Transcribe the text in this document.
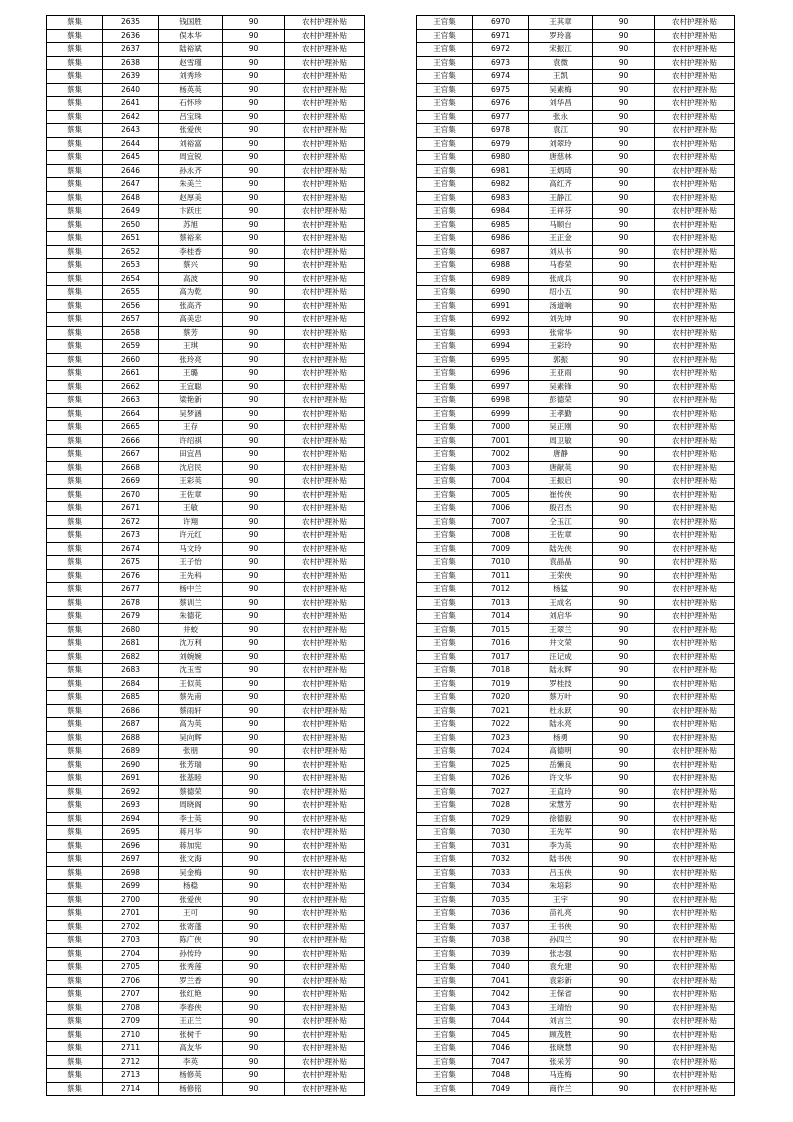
蔡集	2635	钱国胜	90	农村护理补贴
蔡集	2636	俣本华	90	农村护理补贴
蔡集	2637	陆裕斌	90	农村护理补贴
蔡集	2638	赵雪瑾	90	农村护理补贴
蔡集	2639	刘秀珍	90	农村护理补贴
蔡集	2640	杨英英	90	农村护理补贴
蔡集	2641	石怀珍	90	农村护理补贴
蔡集	2642	吕宝珠	90	农村护理补贴
蔡集	2643	张爱侠	90	农村护理补贴
蔡集	2644	刘裕富	90	农村护理补贴
蔡集	2645	周宜锐	90	农村护理补贴
蔡集	2646	孙永齐	90	农村护理补贴
蔡集	2647	朱美兰	90	农村护理补贴
蔡集	2648	赵厚美	90	农村护理补贴
蔡集	2649	卞跃庄	90	农村护理补贴
蔡集	2650	苏旭	90	农村护理补贴
蔡集	2651	蔡裕来	90	农村护理补贴
蔡集	2652	李桂香	90	农村护理补贴
蔡集	2653	蔡兴	90	农村护理补贴
蔡集	2654	高波	90	农村护理补贴
蔡集	2655	高为乾	90	农村护理补贴
蔡集	2656	张高齐	90	农村护理补贴
蔡集	2657	高美忠	90	农村护理补贴
蔡集	2658	蔡芳	90	农村护理补贴
蔡集	2659	王琪	90	农村护理补贴
蔡集	2660	张玲亮	90	农村护理补贴
蔡集	2661	王璐	90	农村护理补贴
蔡集	2662	王宜聪	90	农村护理补贴
蔡集	2663	梁艳新	90	农村护理补贴
蔡集	2664	吴梦涵	90	农村护理补贴
蔡集	2665	王存	90	农村护理补贴
蔡集	2666	许绍祺	90	农村护理补贴
蔡集	2667	田宜昌	90	农村护理补贴
蔡集	2668	沈启民	90	农村护理补贴
蔡集	2669	王彩英	90	农村护理补贴
蔡集	2670	王佐章	90	农村护理补贴
蔡集	2671	王敏	90	农村护理补贴
蔡集	2672	许翔	90	农村护理补贴
蔡集	2673	许元红	90	农村护理补贴
蔡集	2674	马文玲	90	农村护理补贴
蔡集	2675	王子怡	90	农村护理补贴
蔡集	2676	王先科	90	农村护理补贴
蔡集	2677	杨中兰	90	农村护理补贴
蔡集	2678	蔡训兰	90	农村护理补贴
蔡集	2679	朱德花	90	农村护理补贴
蔡集	2680	井蛟	90	农村护理补贴
蔡集	2681	沈万利	90	农村护理补贴
蔡集	2682	刘婉婉	90	农村护理补贴
蔡集	2683	沈玉雪	90	农村护理补贴
蔡集	2684	王似英	90	农村护理补贴
蔡集	2685	蔡先甫	90	农村护理补贴
蔡集	2686	蔡雨轩	90	农村护理补贴
蔡集	2687	高为英	90	农村护理补贴
蔡集	2688	吴向辉	90	农村护理补贴
蔡集	2689	张朋	90	农村护理补贴
蔡集	2690	张芳瑞	90	农村护理补贴
蔡集	2691	张基睦	90	农村护理补贴
蔡集	2692	蔡德荣	90	农村护理补贴
蔡集	2693	周晓阁	90	农村护理补贴
蔡集	2694	李士英	90	农村护理补贴
蔡集	2695	蒋月华	90	农村护理补贴
蔡集	2696	蒋加宪	90	农村护理补贴
蔡集	2697	张文海	90	农村护理补贴
蔡集	2698	吴金梅	90	农村护理补贴
蔡集	2699	杨稳	90	农村护理补贴
蔡集	2700	张爱侠	90	农村护理补贴
蔡集	2701	王可	90	农村护理补贴
蔡集	2702	张寄蓬	90	农村护理补贴
蔡集	2703	陈广侠	90	农村护理补贴
蔡集	2704	孙传玲	90	农村护理补贴
蔡集	2705	张秀莲	90	农村护理补贴
蔡集	2706	罗兰香	90	农村护理补贴
蔡集	2707	张红艳	90	农村护理补贴
蔡集	2708	李春侠	90	农村护理补贴
蔡集	2709	王正兰	90	农村护理补贴
蔡集	2710	张树千	90	农村护理补贴
蔡集	2711	高友华	90	农村护理补贴
蔡集	2712	李英	90	农村护理补贴
蔡集	2713	杨修英	90	农村护理补贴
蔡集	2714	杨修铭	90	农村护理补贴
王官集	6970	王其章	90	农村护理补贴
王官集	6971	罗玲喜	90	农村护理补贴
王官集	6972	宋振江	90	农村护理补贴
王官集	6973	袁微	90	农村护理补贴
王官集	6974	王凯	90	农村护理补贴
王官集	6975	吴素梅	90	农村护理补贴
王官集	6976	刘华昌	90	农村护理补贴
王官集	6977	张永	90	农村护理补贴
王官集	6978	袁江	90	农村护理补贴
王官集	6979	刘翠玲	90	农村护理补贴
王官集	6980	唐慈林	90	农村护理补贴
王官集	6981	王炳琦	90	农村护理补贴
王官集	6982	高红齐	90	农村护理补贴
王官集	6983	王静江	90	农村护理补贴
王官集	6984	王祥芬	90	农村护理补贴
王官集	6985	马顺台	90	农村护理补贴
王官集	6986	王正金	90	农村护理补贴
王官集	6987	刘从书	90	农村护理补贴
王官集	6988	马春荣	90	农村护理补贴
王官集	6989	张成兵	90	农村护理补贴
王官集	6990	绍小五	90	农村护理补贴
王官集	6991	汤道响	90	农村护理补贴
王官集	6992	刘先坤	90	农村护理补贴
王官集	6993	张常华	90	农村护理补贴
王官集	6994	王彩玲	90	农村护理补贴
王官集	6995	郭振	90	农村护理补贴
王官集	6996	王亚雨	90	农村护理补贴
王官集	6997	吴素锋	90	农村护理补贴
王官集	6998	彭德荣	90	农村护理补贴
王官集	6999	王孝勤	90	农村护理补贴
王官集	7000	吴正刚	90	农村护理补贴
王官集	7001	周卫敏	90	农村护理补贴
王官集	7002	唐静	90	农村护理补贴
王官集	7003	唐献英	90	农村护理补贴
王官集	7004	王振启	90	农村护理补贴
王官集	7005	崔传侠	90	农村护理补贴
王官集	7006	殷召杰	90	农村护理补贴
王官集	7007	仝玉江	90	农村护理补贴
王官集	7008	王佐章	90	农村护理补贴
王官集	7009	陆先侠	90	农村护理补贴
王官集	7010	袁晶晶	90	农村护理补贴
王官集	7011	王荣侠	90	农村护理补贴
王官集	7012	杨猛	90	农村护理补贴
王官集	7013	王成名	90	农村护理补贴
王官集	7014	刘启华	90	农村护理补贴
王官集	7015	王翠兰	90	农村护理补贴
王官集	7016	井文荣	90	农村护理补贴
王官集	7017	汪记成	90	农村护理补贴
王官集	7018	陆永辉	90	农村护理补贴
王官集	7019	罗桂技	90	农村护理补贴
王官集	7020	蔡万叶	90	农村护理补贴
王官集	7021	杜永跃	90	农村护理补贴
王官集	7022	陆永亮	90	农村护理补贴
王官集	7023	杨勇	90	农村护理补贴
王官集	7024	高德明	90	农村护理补贴
王官集	7025	岳懒良	90	农村护理补贴
王官集	7026	许文华	90	农村护理补贴
王官集	7027	王直玲	90	农村护理补贴
王官集	7028	宋慧芳	90	农村护理补贴
王官集	7029	徐德毅	90	农村护理补贴
王官集	7030	王先军	90	农村护理补贴
王官集	7031	李为英	90	农村护理补贴
王官集	7032	陆书侠	90	农村护理补贴
王官集	7033	吕玉侠	90	农村护理补贴
王官集	7034	朱培彩	90	农村护理补贴
王官集	7035	王宇	90	农村护理补贴
王官集	7036	苗礼亮	90	农村护理补贴
王官集	7037	王书侠	90	农村护理补贴
王官集	7038	孙四兰	90	农村护理补贴
王官集	7039	张志强	90	农村护理补贴
王官集	7040	袁允建	90	农村护理补贴
王官集	7041	袁彩新	90	农村护理补贴
王官集	7042	王保省	90	农村护理补贴
王官集	7043	王靖怡	90	农村护理补贴
王官集	7044	刘言兰	90	农村护理补贴
王官集	7045	顾茂胜	90	农村护理补贴
王官集	7046	张晓慧	90	农村护理补贴
王官集	7047	张采芳	90	农村护理补贴
王官集	7048	马连梅	90	农村护理补贴
王官集	7049	商作兰	90	农村护理补贴
